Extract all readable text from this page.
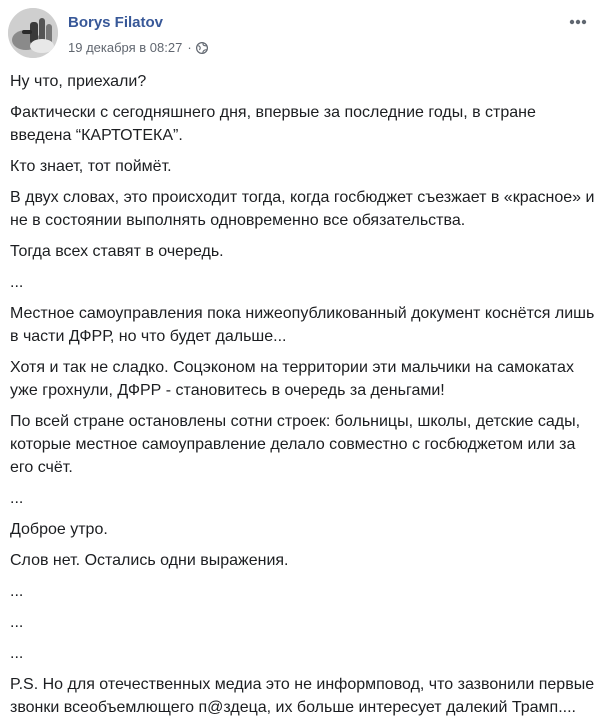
Borys Filatov
19 декабря в 08:27 ·

Ну что, приехали?

Фактически с сегодняшнего дня, впервые за последние годы, в стране введена “КАРТОТЕКА”.

Кто знает, тот поймёт.

В двух словах, это происходит тогда, когда госбюджет съезжает в «красное» и не в состоянии выполнять одновременно все обязательства.

Тогда всех ставят в очередь.

...

Местное самоуправления пока нижеопубликованный документ коснётся лишь в части ДФРР, но что будет дальше...

Хотя и так не сладко. Соцэконом на территории эти мальчики на самокатах уже грохнули, ДФРР - становитесь в очередь за деньгами!

По всей стране остановлены сотни строек: больницы, школы, детские сады, которые местное самоуправление делало совместно с госбюджетом или за его счёт.

...

Доброе утро.

Слов нет. Остались одни выражения.

...

...

...

P.S. Но для отечественных медиа это не информповод, что зазвонили первые звонки всеобъемлющего п@здеца, их больше интересует далекий Трамп....
